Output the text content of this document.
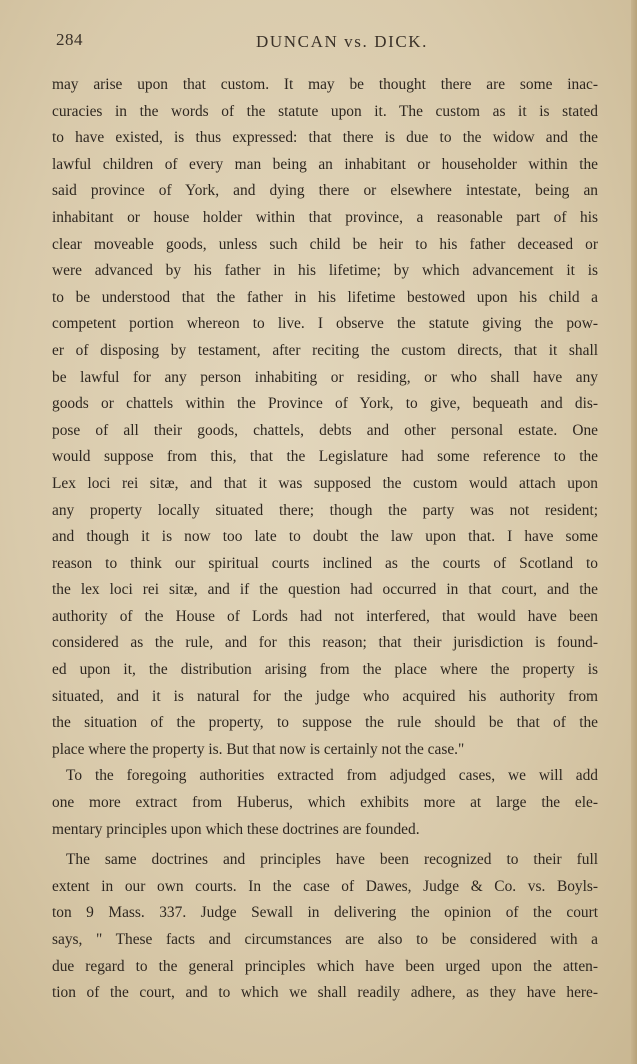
284	DUNCAN vs. DICK.
may arise upon that custom. It may be thought there are some inac-
curacies in the words of the statute upon it. The custom as it is stated
to have existed, is thus expressed: that there is due to the widow and the
lawful children of every man being an inhabitant or householder within the
said province of York, and dying there or elsewhere intestate, being an
inhabitant or house holder within that province, a reasonable part of his
clear moveable goods, unless such child be heir to his father deceased or
were advanced by his father in his lifetime; by which advancement it is
to be understood that the father in his lifetime bestowed upon his child a
competent portion whereon to live. I observe the statute giving the pow-
er of disposing by testament, after reciting the custom directs, that it shall
be lawful for any person inhabiting or residing, or who shall have any
goods or chattels within the Province of York, to give, bequeath and dis-
pose of all their goods, chattels, debts and other personal estate. One
would suppose from this, that the Legislature had some reference to the
Lex loci rei sitæ, and that it was supposed the custom would attach upon
any property locally situated there; though the party was not resident;
and though it is now too late to doubt the law upon that. I have some
reason to think our spiritual courts inclined as the courts of Scotland to
the lex loci rei sitæ, and if the question had occurred in that court, and the
authority of the House of Lords had not interfered, that would have been
considered as the rule, and for this reason; that their jurisdiction is found-
ed upon it, the distribution arising from the place where the property is
situated, and it is natural for the judge who acquired his authority from
the situation of the property, to suppose the rule should be that of the
place where the property is. But that now is certainly not the case."
To the foregoing authorities extracted from adjudged cases, we will add
one more extract from Huberus, which exhibits more at large the ele-
mentary principles upon which these doctrines are founded.
The same doctrines and principles have been recognized to their full
extent in our own courts. In the case of Dawes, Judge & Co. vs. Boyls-
ton 9 Mass. 337. Judge Sewall in delivering the opinion of the court
says, " These facts and circumstances are also to be considered with a
due regard to the general principles which have been urged upon the atten-
tion of the court, and to which we shall readily adhere, as they have here-
